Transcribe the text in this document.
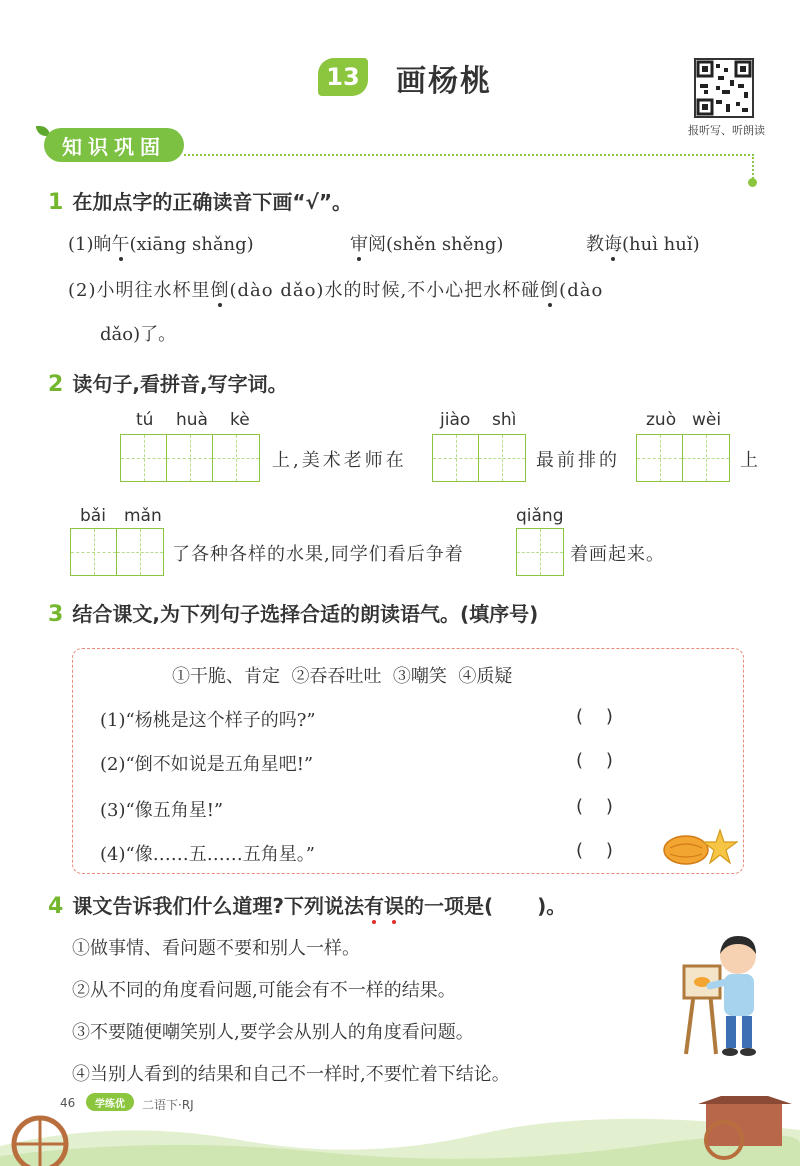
13 画杨桃
报听写、听朗读
知识巩固
1 在加点字的正确读音下画“√”。
(1)晌午(xiāng shǎng)	审阅(shěn shěng)	教诲(huì huǐ)
(2)小明往水杯里倒(dào dǎo)水的时候,不小心把水杯碰倒(dào
dǎo)了。
2 读句子,看拼音,写字词。
tú huà kè
上,美术老师在
jiào shì
最前排的
zuò wèi
上
bǎi mǎn
了各种各样的水果,同学们看后争着
qiǎng
着画起来。
3 结合课文,为下列句子选择合适的朗读语气。(填序号)
①干脆、肯定  ②吞吞吐吐  ③嘲笑  ④质疑
(1)“杨桃是这个样子的吗?”	(    )
(2)“倒不如说是五角星吧!”	(    )
(3)“像五角星!”	(    )
(4)“像……五……五角星。”	(    )
4 课文告诉我们什么道理?下列说法有误的一项是( )。
①做事情、看问题不要和别人一样。
②从不同的角度看问题,可能会有不一样的结果。
③不要随便嘲笑别人,要学会从别人的角度看问题。
④当别人看到的结果和自己不一样时,不要忙着下结论。
46	学练优	二语下·RJ
